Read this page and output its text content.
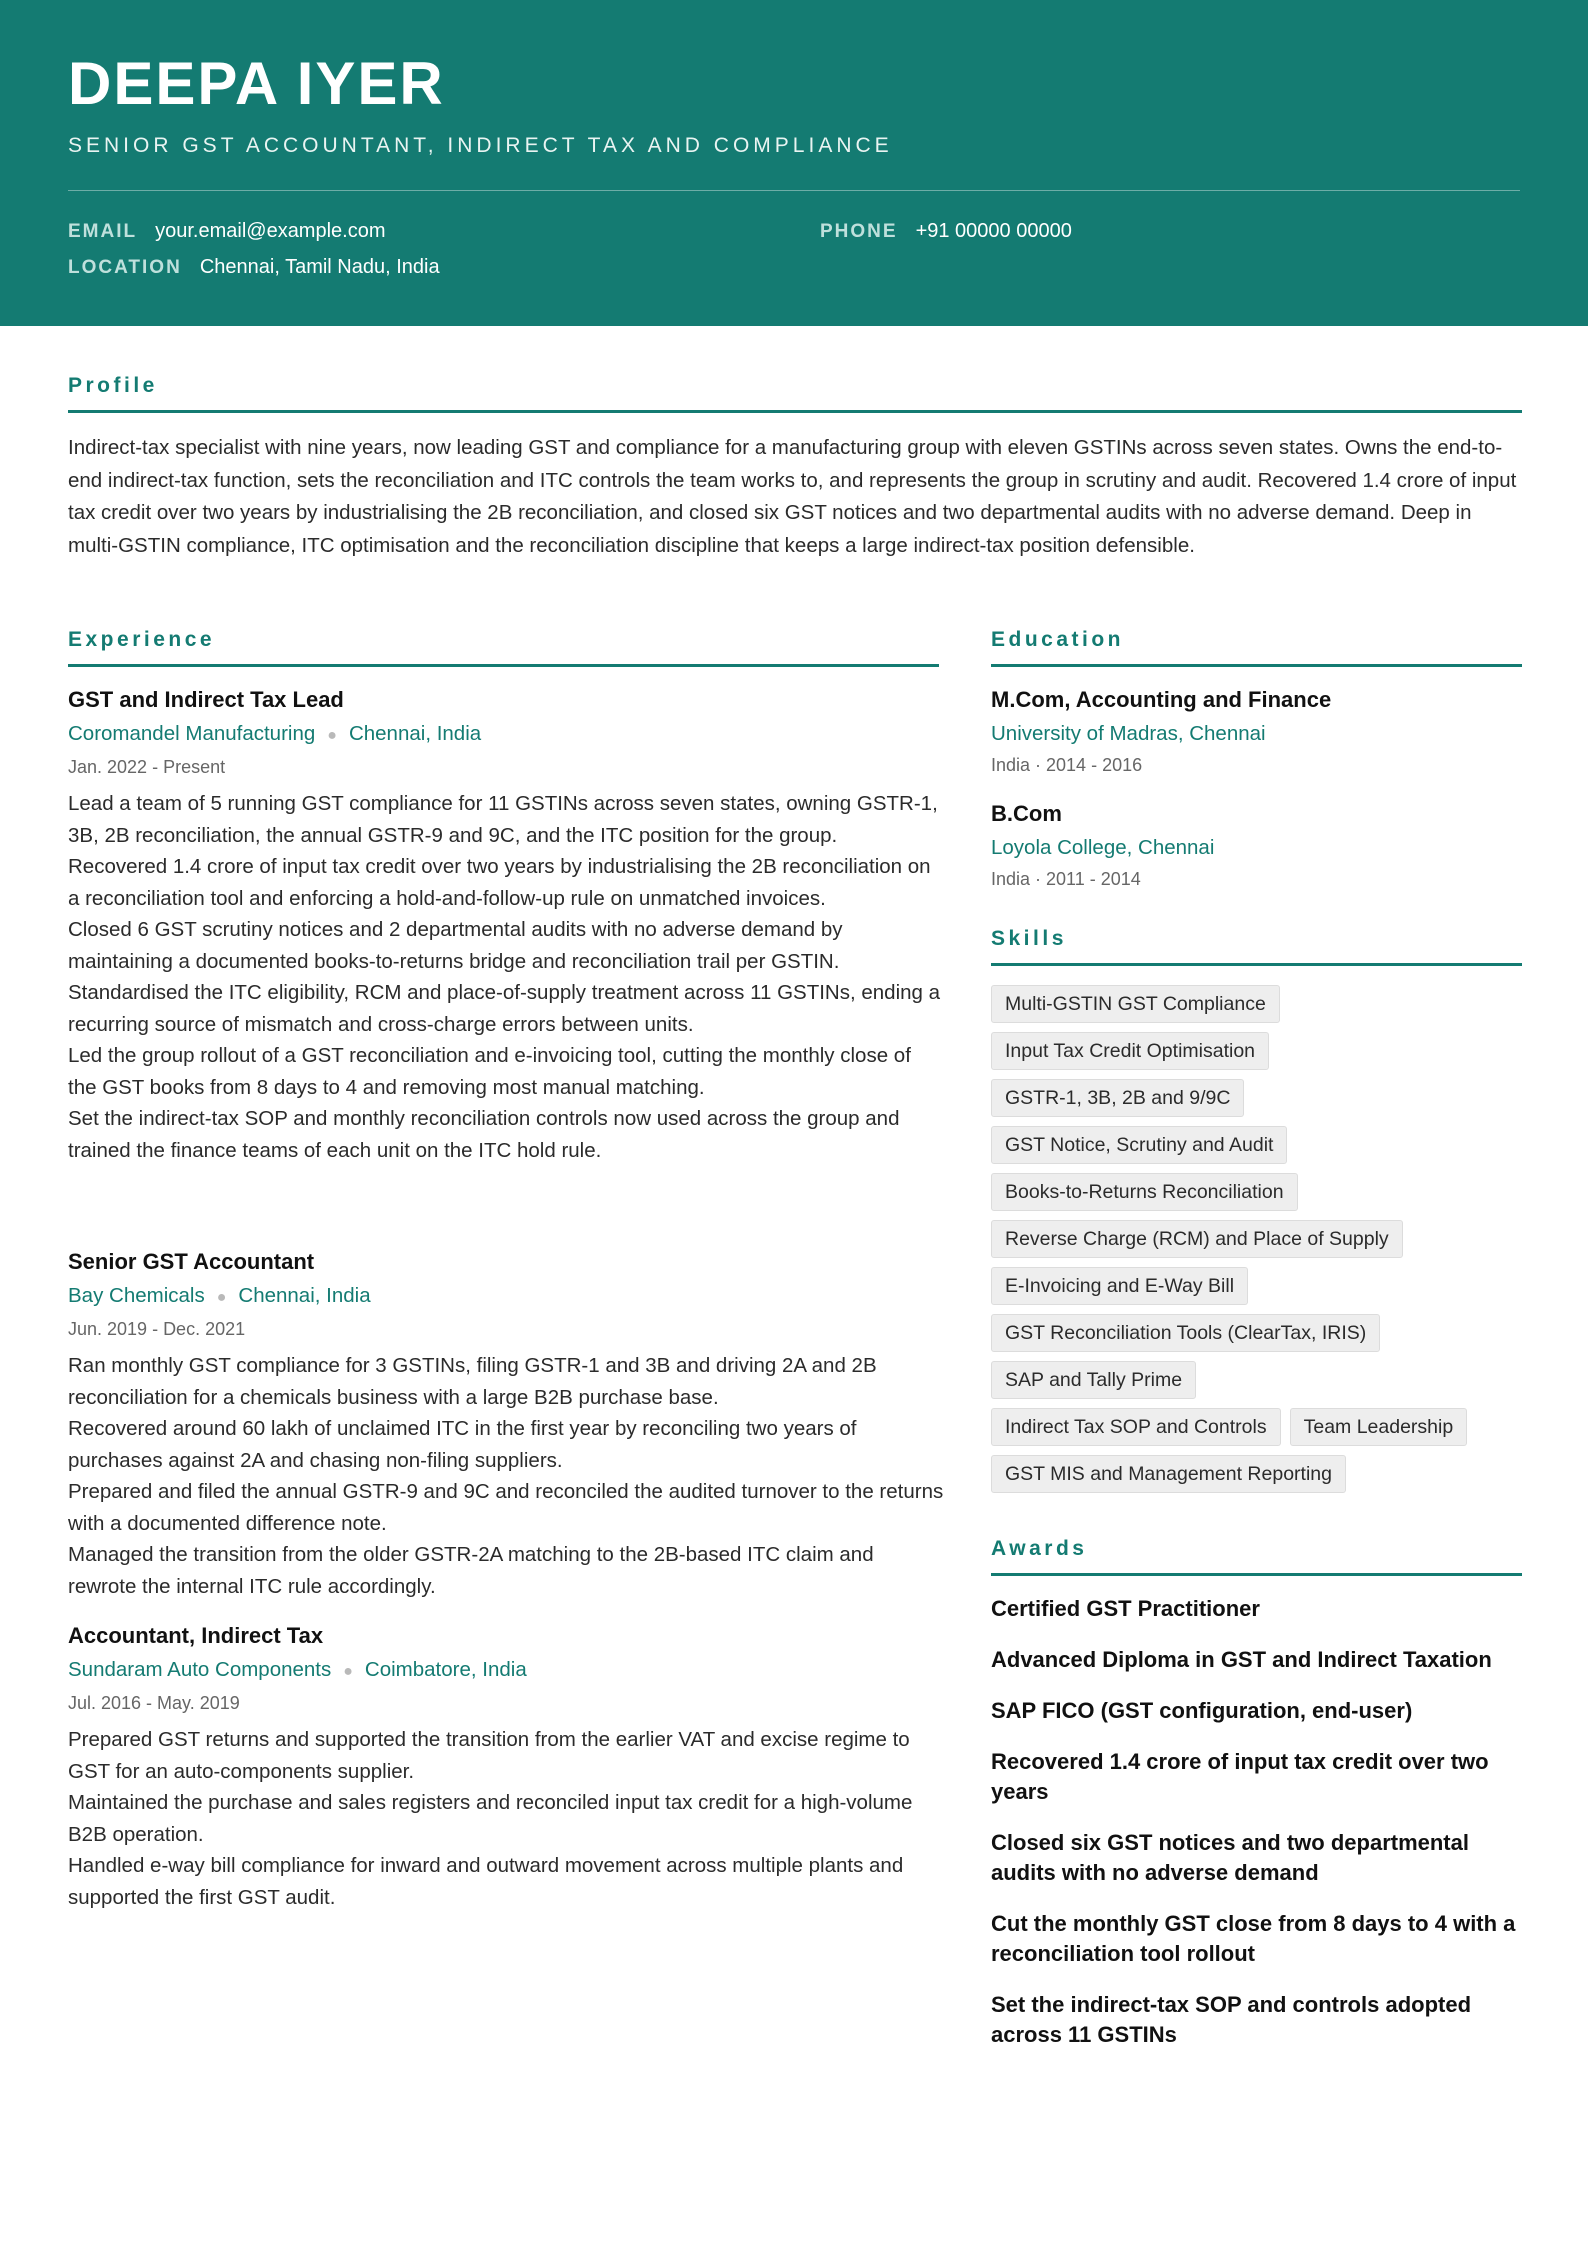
DEEPA IYER
SENIOR GST ACCOUNTANT, INDIRECT TAX AND COMPLIANCE
EMAIL your.email@example.com	PHONE +91 00000 00000
LOCATION Chennai, Tamil Nadu, India
Profile
Indirect-tax specialist with nine years, now leading GST and compliance for a manufacturing group with eleven GSTINs across seven states. Owns the end-to-end indirect-tax function, sets the reconciliation and ITC controls the team works to, and represents the group in scrutiny and audit. Recovered 1.4 crore of input tax credit over two years by industrialising the 2B reconciliation, and closed six GST notices and two departmental audits with no adverse demand. Deep in multi-GSTIN compliance, ITC optimisation and the reconciliation discipline that keeps a large indirect-tax position defensible.
Experience
GST and Indirect Tax Lead
Coromandel Manufacturing ● Chennai, India
Jan. 2022 - Present
Lead a team of 5 running GST compliance for 11 GSTINs across seven states, owning GSTR-1, 3B, 2B reconciliation, the annual GSTR-9 and 9C, and the ITC position for the group.
Recovered 1.4 crore of input tax credit over two years by industrialising the 2B reconciliation on a reconciliation tool and enforcing a hold-and-follow-up rule on unmatched invoices.
Closed 6 GST scrutiny notices and 2 departmental audits with no adverse demand by maintaining a documented books-to-returns bridge and reconciliation trail per GSTIN.
Standardised the ITC eligibility, RCM and place-of-supply treatment across 11 GSTINs, ending a recurring source of mismatch and cross-charge errors between units.
Led the group rollout of a GST reconciliation and e-invoicing tool, cutting the monthly close of the GST books from 8 days to 4 and removing most manual matching.
Set the indirect-tax SOP and monthly reconciliation controls now used across the group and trained the finance teams of each unit on the ITC hold rule.
Senior GST Accountant
Bay Chemicals ● Chennai, India
Jun. 2019 - Dec. 2021
Ran monthly GST compliance for 3 GSTINs, filing GSTR-1 and 3B and driving 2A and 2B reconciliation for a chemicals business with a large B2B purchase base.
Recovered around 60 lakh of unclaimed ITC in the first year by reconciling two years of purchases against 2A and chasing non-filing suppliers.
Prepared and filed the annual GSTR-9 and 9C and reconciled the audited turnover to the returns with a documented difference note.
Managed the transition from the older GSTR-2A matching to the 2B-based ITC claim and rewrote the internal ITC rule accordingly.
Accountant, Indirect Tax
Sundaram Auto Components ● Coimbatore, India
Jul. 2016 - May. 2019
Prepared GST returns and supported the transition from the earlier VAT and excise regime to GST for an auto-components supplier.
Maintained the purchase and sales registers and reconciled input tax credit for a high-volume B2B operation.
Handled e-way bill compliance for inward and outward movement across multiple plants and supported the first GST audit.
Education
M.Com, Accounting and Finance
University of Madras, Chennai
India · 2014 - 2016
B.Com
Loyola College, Chennai
India · 2011 - 2014
Skills
Multi-GSTIN GST Compliance
Input Tax Credit Optimisation
GSTR-1, 3B, 2B and 9/9C
GST Notice, Scrutiny and Audit
Books-to-Returns Reconciliation
Reverse Charge (RCM) and Place of Supply
E-Invoicing and E-Way Bill
GST Reconciliation Tools (ClearTax, IRIS)
SAP and Tally Prime
Indirect Tax SOP and Controls	Team Leadership
GST MIS and Management Reporting
Awards
Certified GST Practitioner
Advanced Diploma in GST and Indirect Taxation
SAP FICO (GST configuration, end-user)
Recovered 1.4 crore of input tax credit over two years
Closed six GST notices and two departmental audits with no adverse demand
Cut the monthly GST close from 8 days to 4 with a reconciliation tool rollout
Set the indirect-tax SOP and controls adopted across 11 GSTINs
